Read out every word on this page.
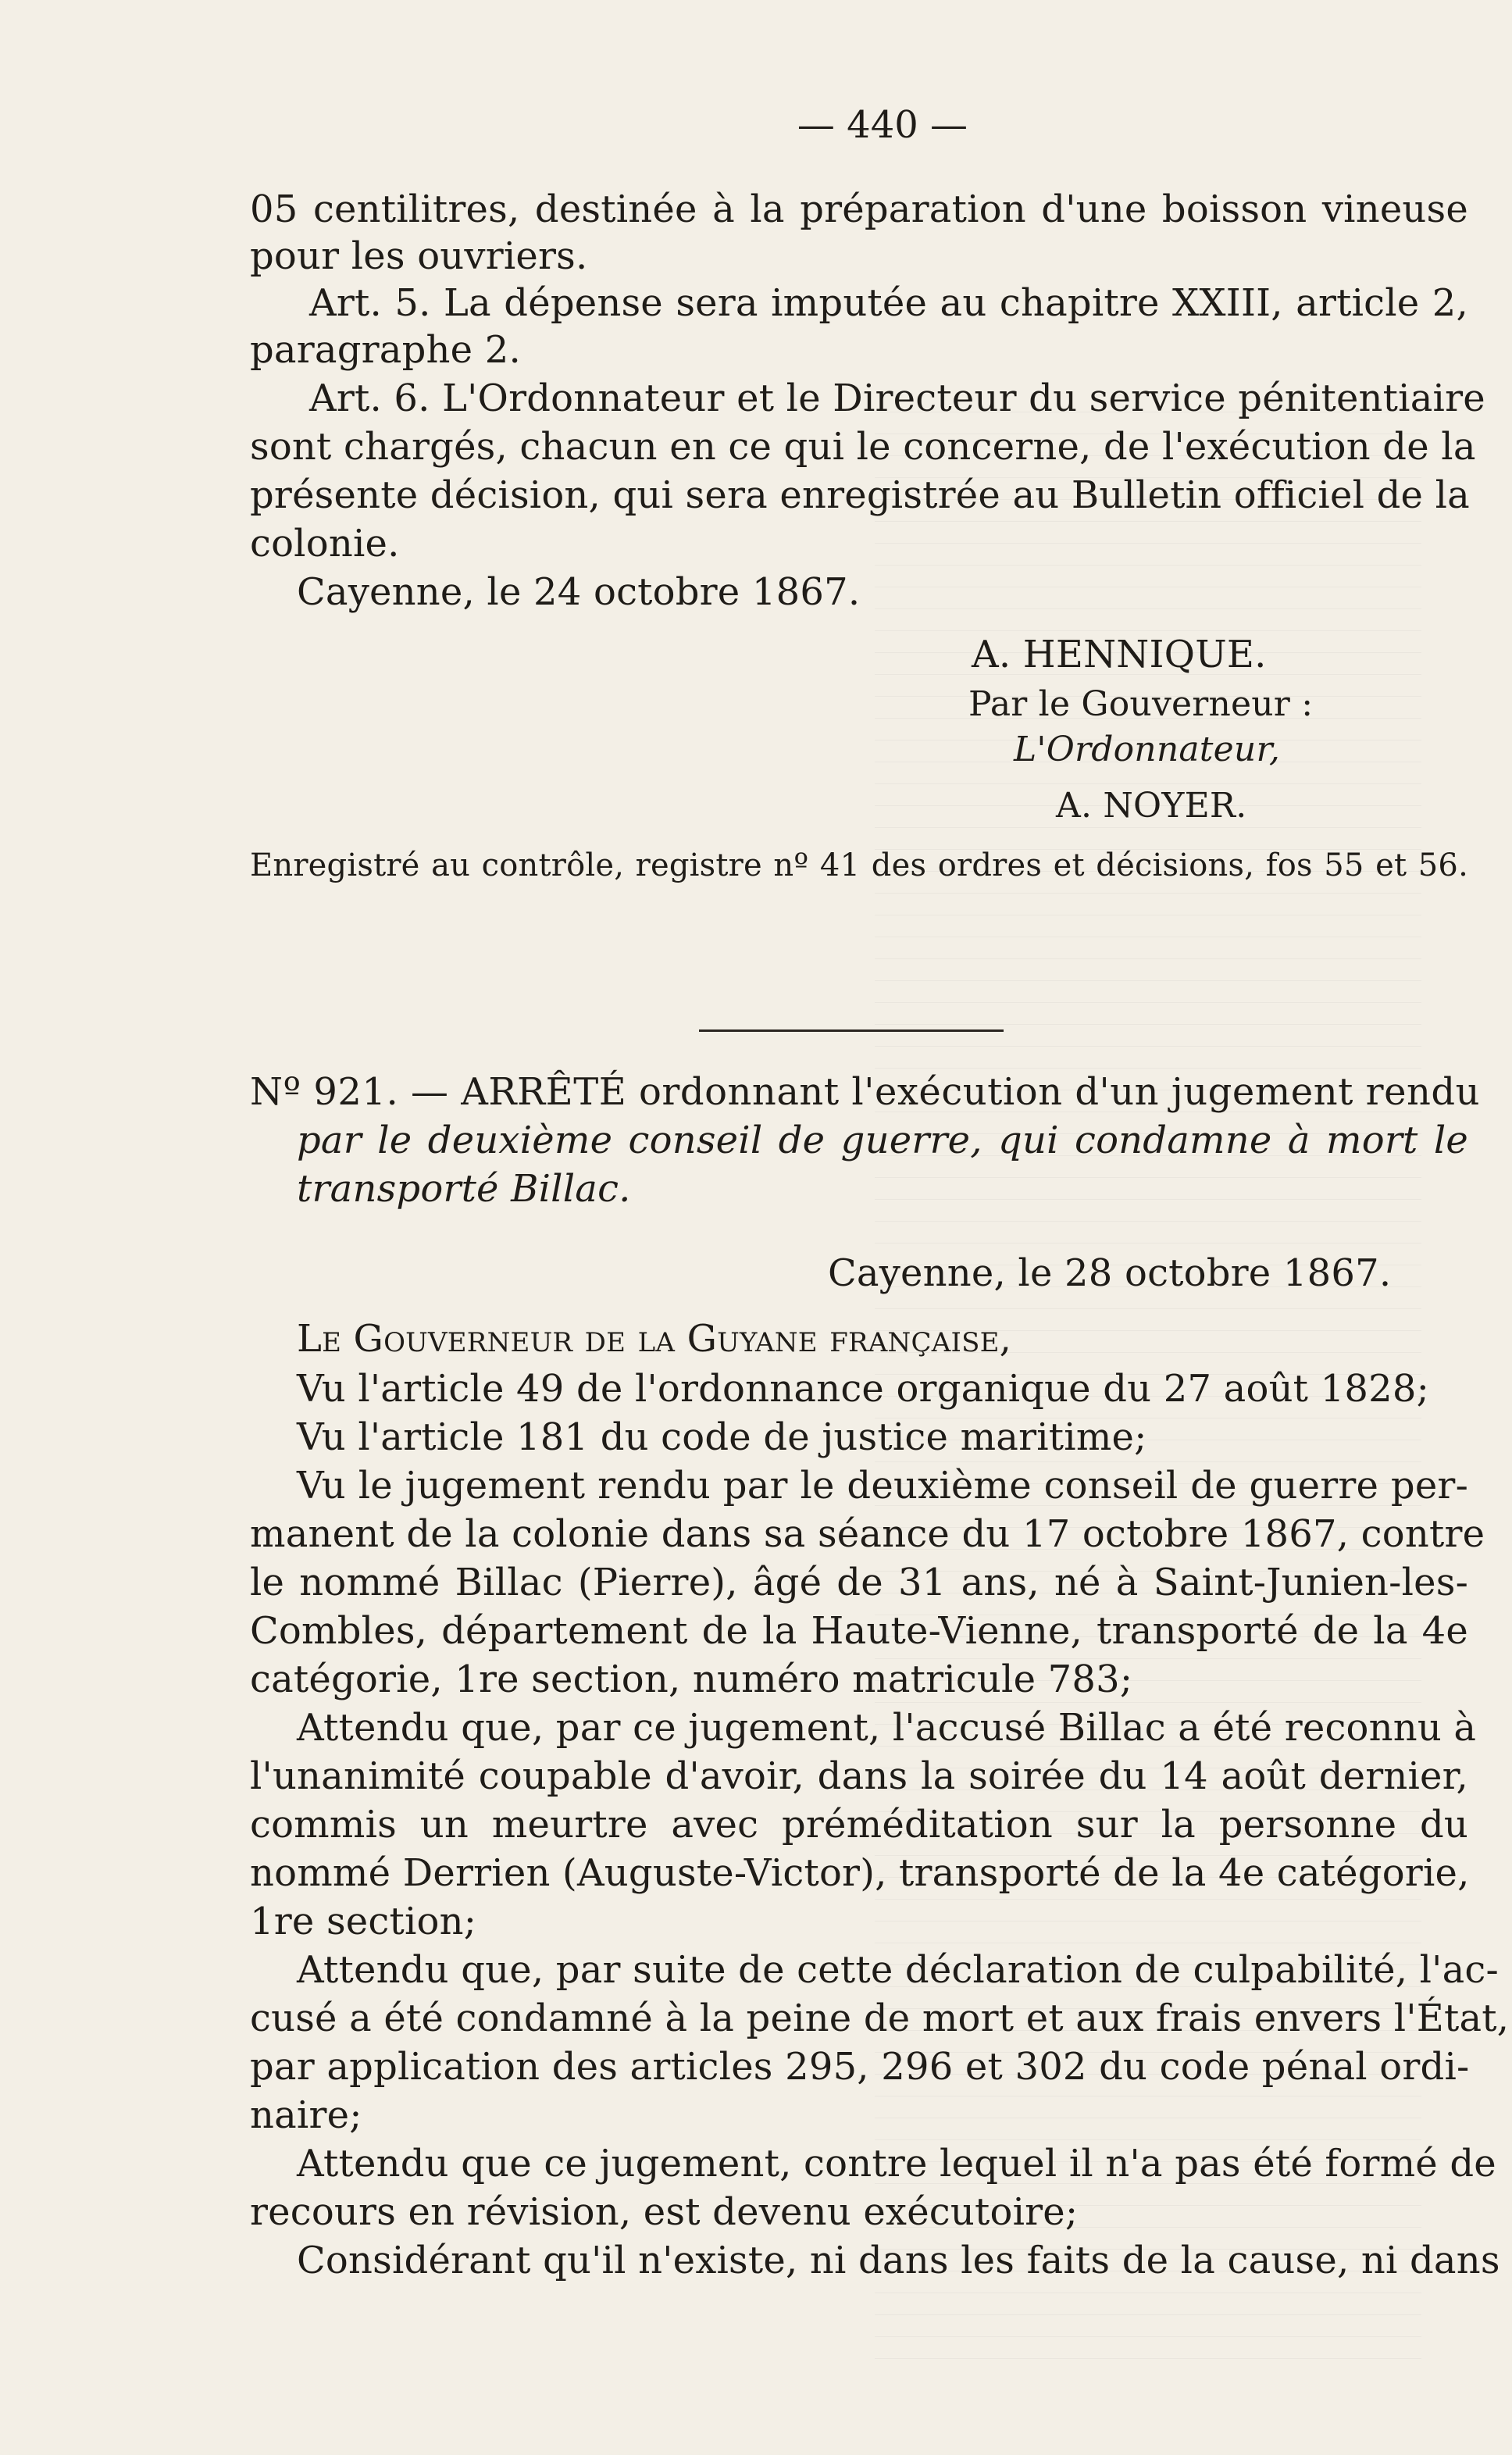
— 440 —
05 centilitres, destinée à la préparation d'une boisson vineuse
pour les ouvriers.
Art. 5. La dépense sera imputée au chapitre XXIII, article 2,
paragraphe 2.
Art. 6. L'Ordonnateur et le Directeur du service pénitentiaire
sont chargés, chacun en ce qui le concerne, de l'exécution de la
présente décision, qui sera enregistrée au Bulletin officiel de la
colonie.
Cayenne, le 24 octobre 1867.
A. HENNIQUE.
Par le Gouverneur :
L'Ordonnateur,
A. NOYER.
Enregistré au contrôle, registre nº 41 des ordres et décisions, fos 55 et 56.
Nº 921. — ARRÊTÉ ordonnant l'exécution d'un jugement rendu
par le deuxième conseil de guerre, qui condamne à mort le
transporté Billac.
Cayenne, le 28 octobre 1867.
Le Gouverneur de la Guyane française,
Vu l'article 49 de l'ordonnance organique du 27 août 1828;
Vu l'article 181 du code de justice maritime;
Vu le jugement rendu par le deuxième conseil de guerre per-
manent de la colonie dans sa séance du 17 octobre 1867, contre
le nommé Billac (Pierre), âgé de 31 ans, né à Saint-Junien-les-
Combles, département de la Haute-Vienne, transporté de la 4e
catégorie, 1re section, numéro matricule 783;
Attendu que, par ce jugement, l'accusé Billac a été reconnu à
l'unanimité coupable d'avoir, dans la soirée du 14 août dernier,
commis un meurtre avec préméditation sur la personne du
nommé Derrien (Auguste-Victor), transporté de la 4e catégorie,
1re section;
Attendu que, par suite de cette déclaration de culpabilité, l'ac-
cusé a été condamné à la peine de mort et aux frais envers l'État,
par application des articles 295, 296 et 302 du code pénal ordi-
naire;
Attendu que ce jugement, contre lequel il n'a pas été formé de
recours en révision, est devenu exécutoire;
Considérant qu'il n'existe, ni dans les faits de la cause, ni dans
